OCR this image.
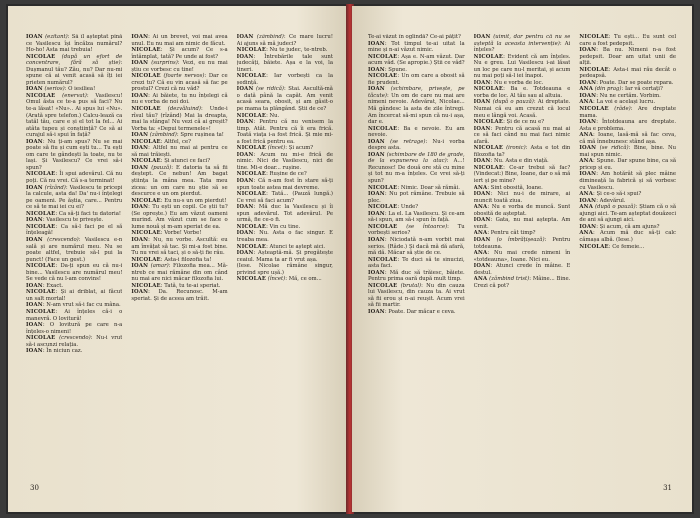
IOAN (ezitant): Să îl așteptat pînă ce Vasilescu își încălza numărul? Ho-ho! Asta mai trebuia!

NICOLAE (după un efort de concentrare, fără să știe): Dușmanul tău? Zău, nu? Dar nu-mi spune că ai venit acasă să îți iei prieten numărul?

IOAN (serios): O iesiliea!

NICOLAE (enervat): Vasilescu! Omul ăsta ce te-a pus să faci? Nu te-a lăsat! «Nu».. Ai spus lui «Nu». (Arată spre telefon.) Calcu-lează ca tatăl tău, care e și el tot la fel... Ai atâta tupeu și conștiință? Ce să ai curajul să-i spui în față?

IOAN: Nu ți-am spus? Nu se mai poate să fiu și cum ești tu... Tu ești om care te gândești la toate, nu te lași. Și Vasilescu? Ce vrei să-i spun?

NICOLAE: Îi spui adevărul. Că nu poți. Că nu vrei. Că s-a terminat!

IOAN (rîzând): Vasilescu te pricepi la calcule, asta da! Da' nu-i înțelegi pe oameni. Pe ăștia, care... Pentru ce să te mai iei cu ei?

NICOLAE: Ca să-ți faci tu datoria!

IOAN: Vasilescu te privește.

NICOLAE: Ca să-l faci pe el să înțeleagă!

IOAN (crescendo): Vasilescu e-n sală și are numărul meu. Nu se poate altfel, trebuie să-l pui la punct! (Face un gest.)

NICOLAE: Da-ți spun eu că nu-i bine... Vasilescu are numărul meu! Se vede că nu l-am convins!

IOAN: Exact.

NICOLAE: Și ai driblat, ai făcut un salt mortal!

IOAN: N-am vrut să-i fac cu mâna.

NICOLAE: Ai înțeles că-i o manevră. O lovitură!

IOAN: O lovitură pe care n-a înțeles-o nimeni!

NICOLAE (crescendo): Nu-i vrut să-i ascunzi relația.

IOAN: În niciun caz.

IOAN: Ai un brevet, voi mai avea unul. Eu nu mai am nimic de făcut.

NICOLAE: Și acum? Ce s-a întâmplat, tată? Pe unde ai fost?

IOAN (surprins): Vezi, eu nu mai știu ce vorbesc cu tine!

NICOLAE (foarte nervos): Dar ce crezi tu? Că eu vin acasă să fac pe prostul? Crezi că nu văd?

IOAN: Ai băiete, tu nu înțelegi că nu e vorba de noi doi.

NICOLAE (dezvăluind): Unde-i rîsul tău? (rîzând) Mai la dreapta, mai la stânga! Nu vezi că ai greșit? Vorba ta: «Depui termenele»!

IOAN (zâmbind): Spre rușinea ta!

NICOLAE: Altfel, ce?

IOAN: Altfel nu mai ai pentru ce să mai trăiești.

NICOLAE: Și atunci ce faci?

IOAN (pauză): E datoria ta să fii deștept. Ce nebun! Am bagat știința la mâna mea. Tata meu zicea: un om care nu știe să se descurce e un om pierdut.

NICOLAE: Eu nu-s un om pierdut!

IOAN: Tu ești un copil. Ce știi tu? (Se oprește.) Eu am văzut oameni murind. Am văzut cum se face o lume nouă și m-am speriat de ea.

NICOLAE: Vorbe! Vorbe!

IOAN: Nu, nu vorbe. Ascultă: eu am învățat să tac. Și mi-a fost bine. Tu nu vrei să taci, și o să-ți fie rău.

NICOLAE: Asta-i filozofia ta!

IOAN (amar): Filozofia mea... Mă-ntreb ce mai rămâne din om când nu mai are nici măcar filozofia lui.

NICOLAE: Tată, tu te-ai speriat.

IOAN: Da. Recunosc. M-am speriat. Și de aceea am trăit.

IOAN (zâmbind): Ce mare lucru! Ai ajuns să mă judeci?

NICOLAE: Nu te judec, te-ntreb.

IOAN: Întrebările tale sunt judecăți, băiete. Așa e la voi, la tineri.

NICOLAE: Iar vorbești ca la ședință.

IOAN (se ridică): Stai. Ascultă-mă o dată până la capăt. Am venit acasă seara, obosit, și am găsit-o pe mama ta plângând. Știi de ce?

NICOLAE: Nu.

IOAN: Pentru că nu venisem la timp. Atât. Pentru că îi era frică. Toată viața i-a fost frică. Și mie mi-a fost frică pentru ea.

NICOLAE (încet): Și acum?

IOAN: Acum nu mi-e frică de nimic. Nici de Vasilescu, nici de tine. Mi-e doar... rușine.

NICOLAE: Rușine de ce?

IOAN: Că n-am fost în stare să-ți spun toate astea mai devreme.

NICOLAE: Tată... (Pauză lungă.) Ce vrei să faci acum?

IOAN: Mă duc la Vasilescu și îi spun adevărul. Tot adevărul. Pe urmă, fie ce-o fi.

NICOLAE: Vin cu tine.

IOAN: Nu. Asta o fac singur. E treaba mea.

NICOLAE: Atunci te aștept aici.

IOAN: Așteaptă-mă. Și pregătește ceaiul. Mama ta ar fi vrut așa.

(Iese. Nicolae rămâne singur, privind spre ușă.)

NICOLAE (încet): Mă, ce om...

30

Te-ai văzut în oglindă? Ce-ai pățit?

IOAN: Tot timpul te-ai uitat la mine și n-ai văzut nimic.

NICOLAE: Așa e. N-am văzut. Dar acum văd. (Se apropie.) Știi ce văd?

IOAN: Spune.

NICOLAE: Un om care a obosit să fie prudent.

IOAN (schimbare, privește, pe tăcute): Un om de care nu mai are nimeni nevoie. Adevărat, Nicolae... Mă gândesc la asta de zile întregi. Am încercat să-mi spun că nu-i așa, dar e.

NICOLAE: Ba e nevoie. Eu am nevoie.

IOAN (se retrage): Nu-i vorba despre asta.

IOAN (schimbare de 180 de grade, de la expunerea la atac): A...! Recunosc! De două ore stă cu mine și tot nu m-a înțeles. Ce vrei să-ți spun?

NICOLAE: Nimic. Doar să rămâi.

IOAN: Nu pot rămâne. Trebuie să plec.

NICOLAE: Unde?

IOAN: La el. La Vasilescu. Și ce-am să-i spun, am să-i spun în față.

NICOLAE (se întoarce): Tu vorbești serios?

IOAN: Niciodată n-am vorbit mai serios. (Râde.) Și dacă mă dă afară, mă dă. Măcar să știe de ce.

NICOLAE: Te duci să te sinucizi, asta faci.

IOAN: Mă duc să trăiesc, băiete. Pentru prima oară după mult timp.

NICOLAE (brutal): Nu din cauza lui Vasilescu, din cauza ta. Ai vrut să fii erou și n-ai reușit. Acum vrei să fii martir.

IOAN: Poate. Dar măcar e ceva.

IOAN (uimit, dar pentru că nu se așteptă la aceasta intervenție): Ai înțeles?

NICOLAE: Evident că am înțeles. Nu e greu. Lui Vasilescu i-ai lăsat un loc pe care nu-l meritai, și acum nu mai poți să-l iei înapoi.

IOAN: Nu e vorba de loc.

NICOLAE: Ba e. Totdeauna e vorba de loc. Al tău sau al altuia.

IOAN (după o pauză): Ai dreptate. Numai că eu am crezut că locul meu e lângă voi. Acasă.

NICOLAE: Și de ce nu e?

IOAN: Pentru că acasă nu mai ai ce să faci când nu mai faci nimic afară.

NICOLAE (ironic): Asta e tot din filozofia ta?

IOAN: Nu. Asta e din viață.

NICOLAE: Ce-ar trebui să fac? (Vindecat:) Bine, Ioane, dar o să mă iert și pe mine?

ANA: Sint obosită, Ioane.

IOAN: Nici nu-i de mirare, ai muncit toată ziua.

ANA: Nu e vorba de muncă. Sunt obosită de așteptat.

IOAN: Gata, nu mai aștepta. Am venit.

ANA: Pentru cât timp?

IOAN (o îmbrățișează): Pentru totdeauna.

ANA: Nu mai crede nimeni în «totdeauna», Ioane. Nici eu.

IOAN: Atunci crede în mâine. E destul.

ANA (zâmbind trist): Mâine... Bine. Crezi că pot?

NICOLAE: Tu ești... Eu sunt cel care a fost pedepsit.

IOAN: Ba nu. Nimeni n-a fost pedepsit. Doar am uitat unii de alții.

NICOLAE: Asta-i mai rău decât o pedeapsă.

IOAN: Poate. Dar se poate repara.

ANA (din prag): Iar vă certați?

IOAN: Nu ne certăm. Vorbim.

ANA: La voi e același lucru.

NICOLAE (râde): Are dreptate mama.

IOAN: Întotdeauna are dreptate. Asta e problema.

ANA: Ioane, lasă-mă să fac ceva, că mă înnebunesc stând așa.

IOAN (se ridică): Bine, bine. Nu mai spun nimic.

ANA: Spune. Dar spune bine, ca să pricep și eu.

IOAN: Am hotărât să plec mâine dimineață la fabrică și să vorbesc cu Vasilescu.

ANA: Și ce-o să-i spui?

IOAN: Adevărul.

ANA (după o pauză): Știam că o să ajungi aici. Te-am așteptat douăzeci de ani să ajungi aici.

IOAN: Și acum, că am ajuns?

ANA: Acum mă duc să-ți calc cămașa albă. (Iese.)

NICOLAE: Ce femeie...

31
